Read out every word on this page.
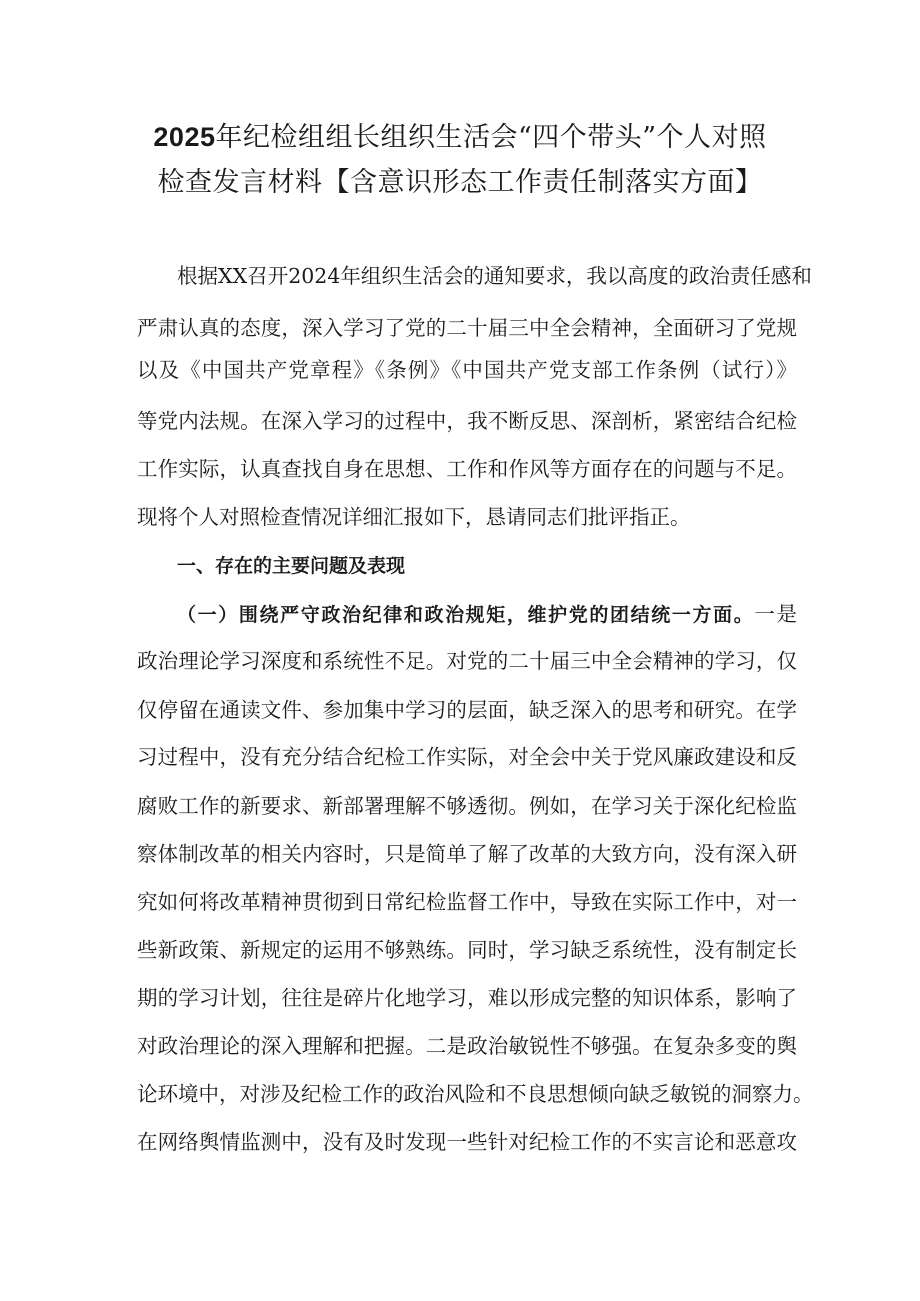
2025年纪检组组长组织生活会“四个带头”个人对照
检查发言材料【含意识形态工作责任制落实方面】
根据XX召开2024年组织生活会的通知要求，我以高度的政治责任感和
严肃认真的态度，深入学习了党的二十届三中全会精神，全面研习了党规
以及《中国共产党章程》《条例》《中国共产党支部工作条例（试行）》
等党内法规。在深入学习的过程中，我不断反思、深剖析，紧密结合纪检
工作实际，认真查找自身在思想、工作和作风等方面存在的问题与不足。
现将个人对照检查情况详细汇报如下，恳请同志们批评指正。
一、存在的主要问题及表现
（一）围绕严守政治纪律和政治规矩，维护党的团结统一方面。一是
政治理论学习深度和系统性不足。对党的二十届三中全会精神的学习，仅
仅停留在通读文件、参加集中学习的层面，缺乏深入的思考和研究。在学
习过程中，没有充分结合纪检工作实际，对全会中关于党风廉政建设和反
腐败工作的新要求、新部署理解不够透彻。例如，在学习关于深化纪检监
察体制改革的相关内容时，只是简单了解了改革的大致方向，没有深入研
究如何将改革精神贯彻到日常纪检监督工作中，导致在实际工作中，对一
些新政策、新规定的运用不够熟练。同时，学习缺乏系统性，没有制定长
期的学习计划，往往是碎片化地学习，难以形成完整的知识体系，影响了
对政治理论的深入理解和把握。二是政治敏锐性不够强。在复杂多变的舆
论环境中，对涉及纪检工作的政治风险和不良思想倾向缺乏敏锐的洞察力。
在网络舆情监测中，没有及时发现一些针对纪检工作的不实言论和恶意攻
